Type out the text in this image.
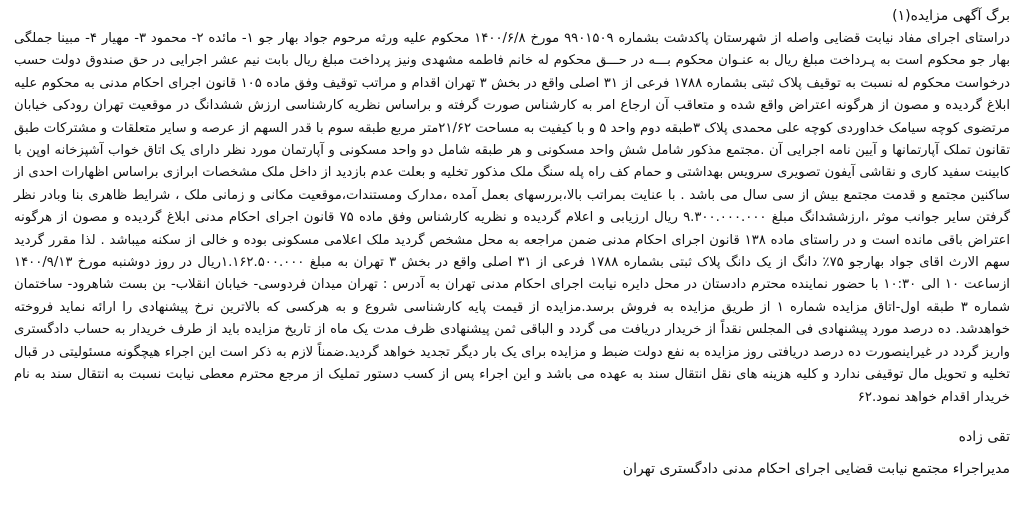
برگ آگهی مزایده(۱)

دراستای اجرای مفاد نیابت قضایی واصله از شهرستان پاکدشت بشماره ۹۹۰۱۵۰۹ مورخ ۱۴۰۰/۶/۸ محکوم علیه ورثه مرحوم جواد بهار جو ۱- مائده ۲- محمود ۳- مهیار ۴- مبینا جملگی بهار جو محکوم است به پـرداخت مبلغ ریال به عنـوان محکوم بـــه در حـــق محکوم له خانم فاطمه مشهدی ونیز پرداخت مبلغ ریال بابت نیم عشر اجرایی در حق صندوق دولت حسب درخواست محکوم له نسبت به توقیف پلاک ثبتی بشماره ۱۷۸۸ فرعی از ۳۱ اصلی واقع در بخش ۳ تهران اقدام و مراتب توقیف وفق ماده ۱۰۵ قانون اجرای احکام مدنی به محکوم علیه ابلاغ گردیده و مصون از هرگونه اعتراض واقع شده و متعاقب آن ارجاع امر به کارشناس صورت گرفته و براساس نظریه کارشناسی ارزش ششدانگ در موقعیت تهران رودکی خیابان مرتضوی کوچه سیامک خداوردی کوچه علی محمدی پلاک ۳طبقه دوم واحد ۵ و با کیفیت به مساحت ۲۱/۶۲متر مربع طبقه سوم با قدر السهم از عرصه و سایر متعلقات و مشترکات طبق تقانون تملک آپارتمانها و آیین نامه اجرایی آن .مجتمع مذکور شامل شش واحد مسکونی و هر طبقه شامل دو واحد مسکونی و آپارتمان مورد نظر دارای یک اتاق خواب آشپزخانه اوپن با کابینت سفید کاری و نقاشی آیفون تصویری سرویس بهداشتی و حمام کف راه پله سنگ ملک مذکور تخلیه و بعلت عدم بازدید از داخل ملک مشخصات ابرازی براساس اظهارات احدی از ساکنین مجتمع و قدمت مجتمع بیش از سی سال می باشد . با عنایت بمراتب بالا،بررسهای بعمل آمده ،مدارک ومستندات،موقعیت مکانی و زمانی ملک ، شرایط ظاهری بنا وبادر نظر گرفتن سایر جوانب موثر ،ارزششدانگ مبلغ ۹.۳۰۰.۰۰۰.۰۰۰ ریال ارزیابی و اعلام گردیده و نظریه کارشناس وفق ماده ۷۵ قانون اجرای احکام مدنی ابلاغ گردیده و مصون از هرگونه اعتراض باقی مانده است و در راستای ماده ۱۳۸ قانون اجرای احکام مدنی ضمن مراجعه به محل مشخص گردید ملک اعلامی مسکونی بوده و خالی از سکنه میباشد . لذا مقرر گردید سهم الارث اقای جواد بهارجو ۷۵٪ دانگ از یک دانگ پلاک ثبتی بشماره ۱۷۸۸ فرعی از ۳۱ اصلی واقع در بخش ۳ تهران به مبلغ ۱.۱۶۲.۵۰۰.۰۰۰ریال در روز دوشنبه مورخ ۱۴۰۰/۹/۱۳ ازساعت ۱۰ الی ۱۰:۳۰ با حضور نماینده محترم دادستان در محل دایره نیابت اجرای احکام مدنی تهران به آدرس : تهران میدان فردوسی- خیابان انقلاب- بن بست شاهرود- ساختمان شماره ۳ طبقه اول-اتاق مزایده شماره ۱ از طریق مزایده به فروش برسد.مزایده از قیمت پایه کارشناسی شروع و به هرکسی که بالاترین نرخ پیشنهادی را ارائه نماید فروخته خواهدشد. ده درصد مورد پیشنهادی فی المجلس نقداً از خریدار دریافت می گردد و الباقی ثمن پیشنهادی ظرف مدت یک ماه از تاریخ مزایده باید از طرف خریدار به حساب دادگستری واریز گردد در غیراینصورت ده درصد دریافتی روز مزایده به نفع دولت ضبط و مزایده برای یک بار دیگر تجدید خواهد گردید.ضمناً لازم به ذکر است این اجراء هیچگونه مسئولیتی در قبال تخلیه و تحویل مال توقیفی ندارد و کلیه هزینه های نقل انتقال سند به عهده می باشد و این اجراء پس از کسب دستور تملیک از مرجع محترم معطی نیابت نسبت به انتقال سند به نام خریدار اقدام خواهد نمود.۶۲

تقی زاده
مدیراجراء مجتمع نیابت قضایی اجرای احکام مدنی دادگستری تهران
